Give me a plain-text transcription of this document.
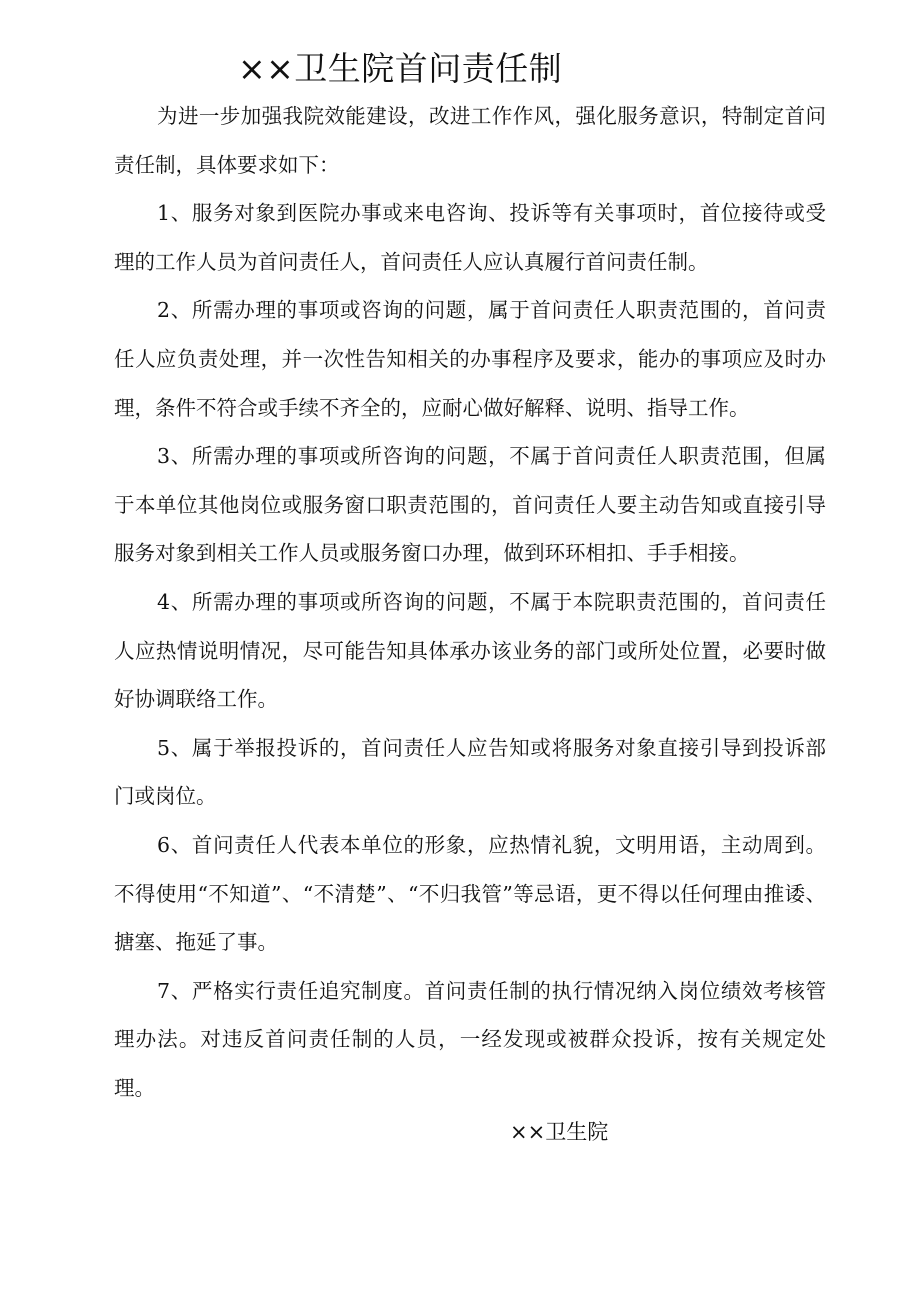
××卫生院首问责任制

为进一步加强我院效能建设，改进工作作风，强化服务意识，特制定首问责任制，具体要求如下：

1、服务对象到医院办事或来电咨询、投诉等有关事项时，首位接待或受理的工作人员为首问责任人，首问责任人应认真履行首问责任制。

2、所需办理的事项或咨询的问题，属于首问责任人职责范围的，首问责任人应负责处理，并一次性告知相关的办事程序及要求，能办的事项应及时办理，条件不符合或手续不齐全的，应耐心做好解释、说明、指导工作。

3、所需办理的事项或所咨询的问题，不属于首问责任人职责范围，但属于本单位其他岗位或服务窗口职责范围的，首问责任人要主动告知或直接引导服务对象到相关工作人员或服务窗口办理，做到环环相扣、手手相接。

4、所需办理的事项或所咨询的问题，不属于本院职责范围的，首问责任人应热情说明情况，尽可能告知具体承办该业务的部门或所处位置，必要时做好协调联络工作。

5、属于举报投诉的，首问责任人应告知或将服务对象直接引导到投诉部门或岗位。

6、首问责任人代表本单位的形象，应热情礼貌，文明用语，主动周到。不得使用“不知道”、“不清楚”、“不归我管”等忌语，更不得以任何理由推诿、搪塞、拖延了事。

7、严格实行责任追究制度。首问责任制的执行情况纳入岗位绩效考核管理办法。对违反首问责任制的人员，一经发现或被群众投诉，按有关规定处理。

××卫生院
